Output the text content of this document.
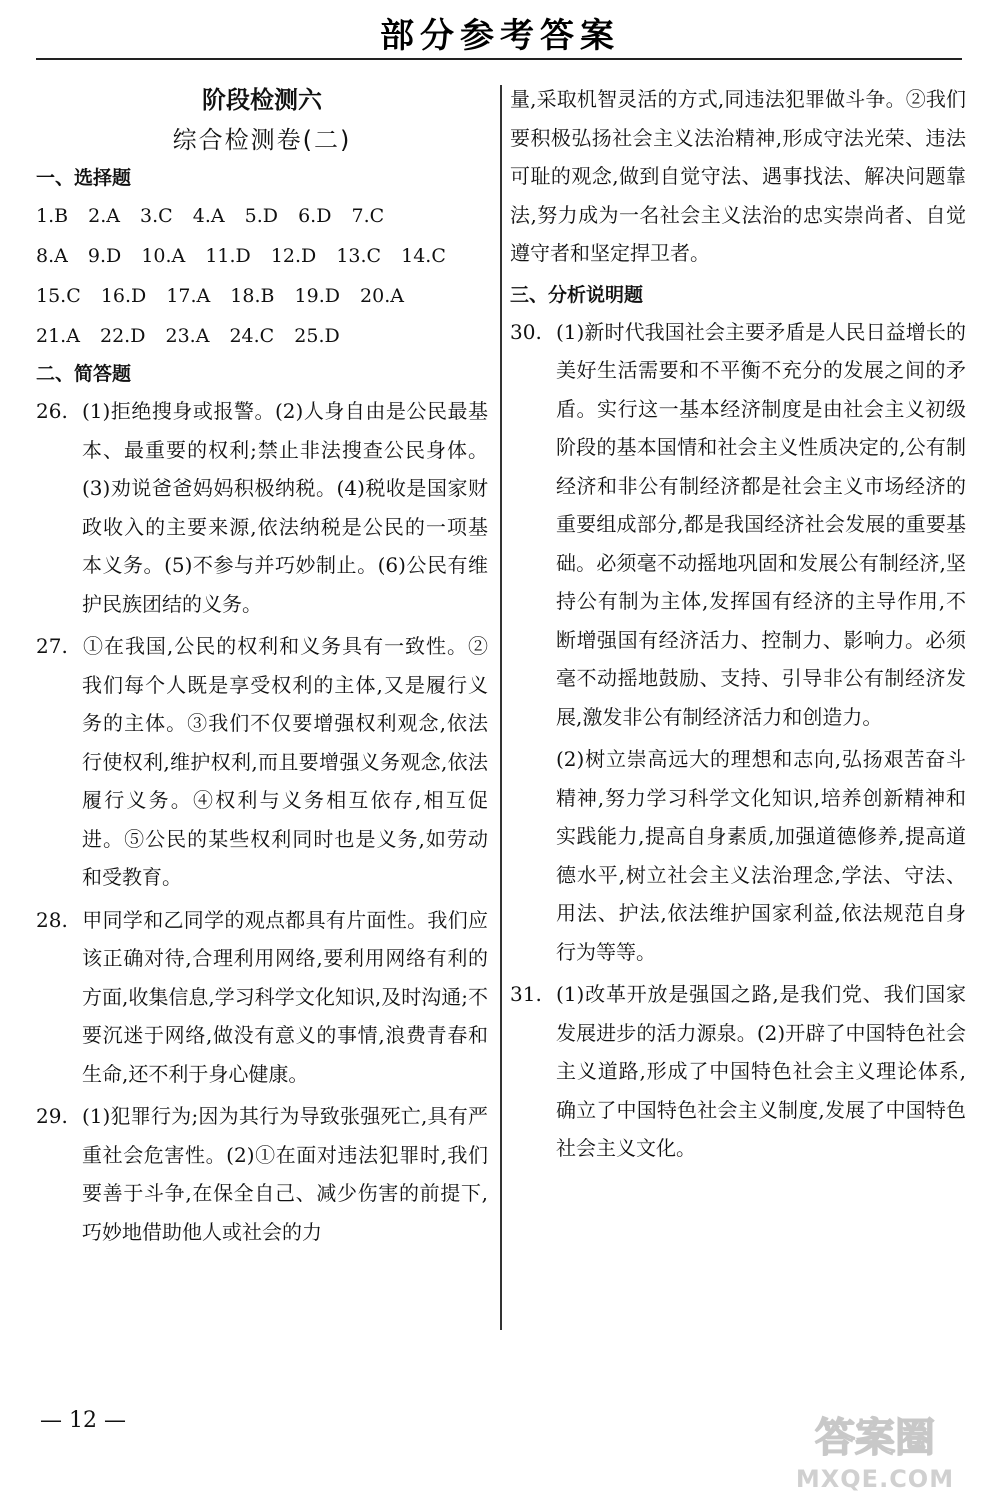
部分参考答案
阶段检测六
综合检测卷(二)
一、选择题
1.B 2.A 3.C 4.A 5.D 6.D 7.C
8.A 9.D 10.A 11.D 12.D 13.C 14.C
15.C 16.D 17.A 18.B 19.D 20.A
21.A 22.D 23.A 24.C 25.D
二、简答题

26. (1)拒绝搜身或报警。(2)人身自由是公民最基本、最重要的权利;禁止非法搜查公民身体。(3)劝说爸爸妈妈积极纳税。(4)税收是国家财政收入的主要来源,依法纳税是公民的一项基本义务。(5)不参与并巧妙制止。(6)公民有维护民族团结的义务。

27. ①在我国,公民的权利和义务具有一致性。②我们每个人既是享受权利的主体,又是履行义务的主体。③我们不仅要增强权利观念,依法行使权利,维护权利,而且要增强义务观念,依法履行义务。④权利与义务相互依存,相互促进。⑤公民的某些权利同时也是义务,如劳动和受教育。

28. 甲同学和乙同学的观点都具有片面性。我们应该正确对待,合理利用网络,要利用网络有利的方面,收集信息,学习科学文化知识,及时沟通;不要沉迷于网络,做没有意义的事情,浪费青春和生命,还不利于身心健康。

29. (1)犯罪行为;因为其行为导致张强死亡,具有严重社会危害性。(2)①在面对违法犯罪时,我们要善于斗争,在保全自己、减少伤害的前提下,巧妙地借助他人或社会的力

量,采取机智灵活的方式,同违法犯罪做斗争。②我们要积极弘扬社会主义法治精神,形成守法光荣、违法可耻的观念,做到自觉守法、遇事找法、解决问题靠法,努力成为一名社会主义法治的忠实崇尚者、自觉遵守者和坚定捍卫者。

三、分析说明题

30. (1)新时代我国社会主要矛盾是人民日益增长的美好生活需要和不平衡不充分的发展之间的矛盾。实行这一基本经济制度是由社会主义初级阶段的基本国情和社会主义性质决定的,公有制经济和非公有制经济都是社会主义市场经济的重要组成部分,都是我国经济社会发展的重要基础。必须毫不动摇地巩固和发展公有制经济,坚持公有制为主体,发挥国有经济的主导作用,不断增强国有经济活力、控制力、影响力。必须毫不动摇地鼓励、支持、引导非公有制经济发展,激发非公有制经济活力和创造力。

(2)树立崇高远大的理想和志向,弘扬艰苦奋斗精神,努力学习科学文化知识,培养创新精神和实践能力,提高自身素质,加强道德修养,提高道德水平,树立社会主义法治理念,学法、守法、用法、护法,依法维护国家利益,依法规范自身行为等等。

31. (1)改革开放是强国之路,是我们党、我们国家发展进步的活力源泉。(2)开辟了中国特色社会主义道路,形成了中国特色社会主义理论体系,确立了中国特色社会主义制度,发展了中国特色社会主义文化。

— 12 —	答案圈
MXQE.COM
